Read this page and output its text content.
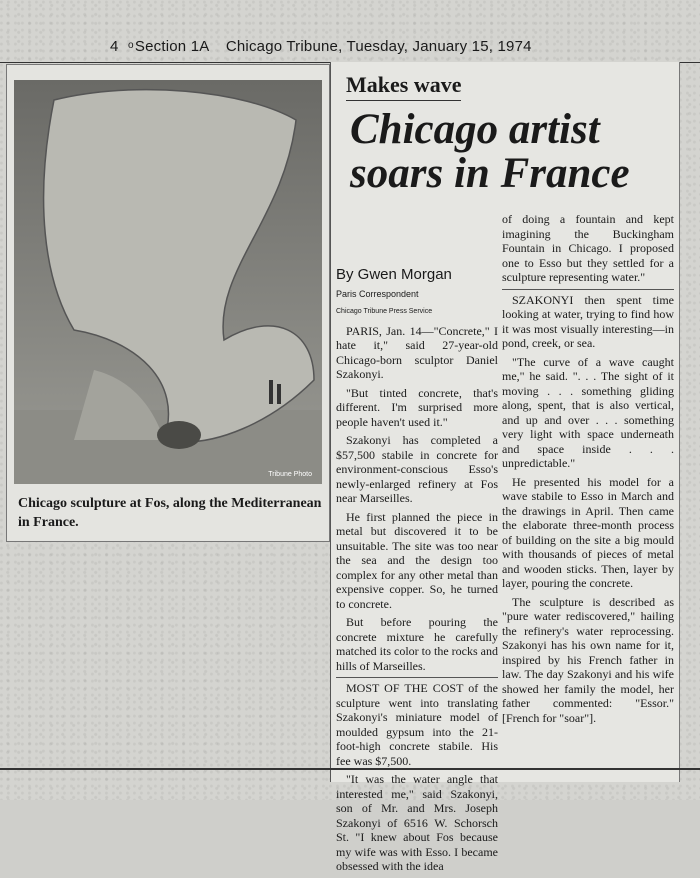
o
4 Section 1A Chicago Tribune, Tuesday, January 15, 1974
Tribune Photo
Chicago sculpture at Fos, along the Mediterranean in France.
Makes wave
Chicago artist soars in France

By Gwen Morgan

Paris Correspondent

Chicago Tribune Press Service

PARIS, Jan. 14—"Concrete," I hate it," said 27-year-old Chicago-born sculptor Daniel Szakonyi.

"But tinted concrete, that's different. I'm surprised more people haven't used it."

Szakonyi has completed a $57,500 stabile in concrete for environment-conscious Esso's newly-enlarged refinery at Fos near Marseilles.

He first planned the piece in metal but discovered it to be unsuitable. The site was too near the sea and the design too complex for any other metal than expensive copper. So, he turned to concrete.

But before pouring the concrete mixture he carefully matched its color to the rocks and hills of Marseilles.

MOST OF THE COST of the sculpture went into translating Szakonyi's miniature model of moulded gypsum into the 21-foot-high concrete stabile. His fee was $7,500.

"It was the water angle that interested me," said Szakonyi, son of Mr. and Mrs. Joseph Szakonyi of 6516 W. Schorsch St. "I knew about Fos because my wife was with Esso. I became obsessed with the idea

of doing a fountain and kept imagining the Buckingham Fountain in Chicago. I proposed one to Esso but they settled for a sculpture representing water."

SZAKONYI then spent time looking at water, trying to find how it was most visually interesting—in pond, creek, or sea.

"The curve of a wave caught me," he said. ". . . The sight of it moving . . . something gliding along, spent, that is also vertical, and up and over . . . something very light with space underneath and space inside . . . unpredictable."

He presented his model for a wave stabile to Esso in March and the drawings in April. Then came the elaborate three-month process of building on the site a big mould with thousands of pieces of metal and wooden sticks. Then, layer by layer, pouring the concrete.

The sculpture is described as "pure water rediscovered," hailing the refinery's water reprocessing. Szakonyi has his own name for it, inspired by his French father in law. The day Szakonyi and his wife showed her family the model, her father commented: "Essor." [French for "soar"].
